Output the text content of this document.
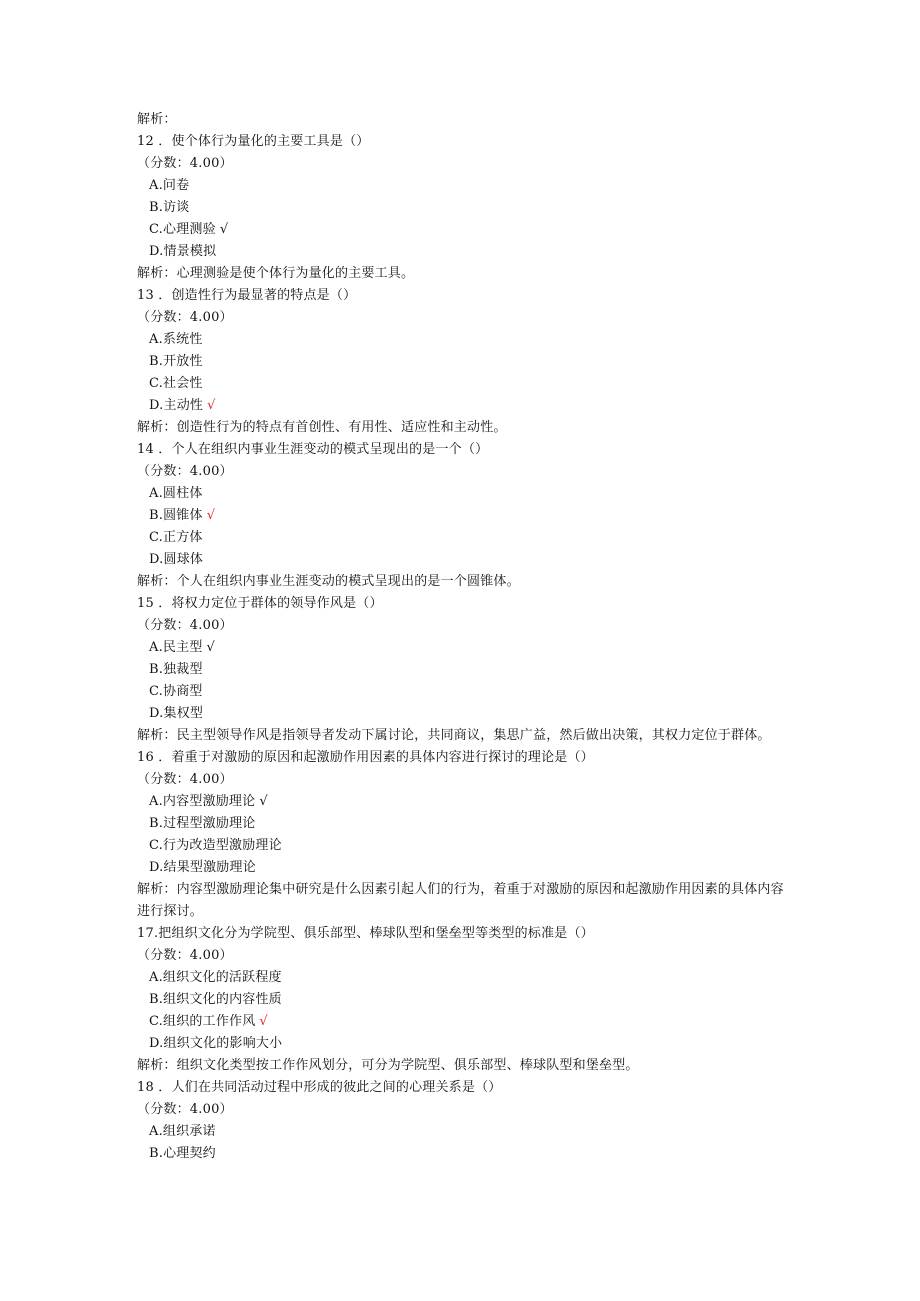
解析：
12 ．使个体行为量化的主要工具是（）
（分数：4.00）
A.问卷
B.访谈
C.心理测验 √
D.情景模拟
解析：心理测验是使个体行为量化的主要工具。
13 ．创造性行为最显著的特点是（）
（分数：4.00）
A.系统性
B.开放性
C.社会性
D.主动性 √
解析：创造性行为的特点有首创性、有用性、适应性和主动性。
14 ．个人在组织内事业生涯变动的模式呈现出的是一个（）
（分数：4.00）
A.圆柱体
B.圆锥体 √
C.正方体
D.圆球体
解析：个人在组织内事业生涯变动的模式呈现出的是一个圆锥体。
15 ．将权力定位于群体的领导作风是（）
（分数：4.00）
A.民主型 √
B.独裁型
C.协商型
D.集权型
解析：民主型领导作风是指领导者发动下属讨论，共同商议，集思广益，然后做出决策，其权力定位于群体。
16 ．着重于对激励的原因和起激励作用因素的具体内容进行探讨的理论是（）
（分数：4.00）
A.内容型激励理论 √
B.过程型激励理论
C.行为改造型激励理论
D.结果型激励理论
解析：内容型激励理论集中研究是什么因素引起人们的行为，着重于对激励的原因和起激励作用因素的具体内容进行探讨。
17.把组织文化分为学院型、俱乐部型、棒球队型和堡垒型等类型的标准是（）
（分数：4.00）
A.组织文化的活跃程度
B.组织文化的内容性质
C.组织的工作作风 √
D.组织文化的影响大小
解析：组织文化类型按工作作风划分，可分为学院型、俱乐部型、棒球队型和堡垒型。
18 ．人们在共同活动过程中形成的彼此之间的心理关系是（）
（分数：4.00）
A.组织承诺
B.心理契约
